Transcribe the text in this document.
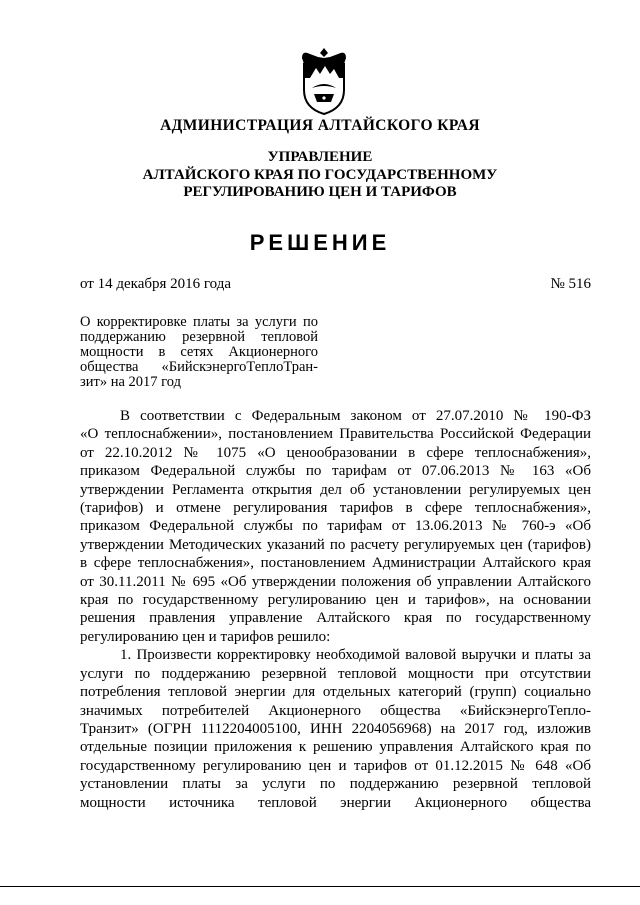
АДМИНИСТРАЦИЯ АЛТАЙСКОГО КРАЯ
УПРАВЛЕНИЕ
АЛТАЙСКОГО КРАЯ ПО ГОСУДАРСТВЕННОМУ
РЕГУЛИРОВАНИЮ ЦЕН И ТАРИФОВ
РЕШЕНИЕ
от 14 декабря 2016 года	№ 516
О корректировке платы за услуги по
поддержанию резервной тепловой
мощности в сетях Акционерного
общества «БийскэнергоТеплоТран-
зит» на 2017 год
В соответствии с Федеральным законом от 27.07.2010 № 190-ФЗ
«О теплоснабжении», постановлением Правительства Российской Федерации
от 22.10.2012 № 1075 «О ценообразовании в сфере теплоснабжения»,
приказом Федеральной службы по тарифам от 07.06.2013 № 163 «Об
утверждении Регламента открытия дел об установлении регулируемых цен
(тарифов) и отмене регулирования тарифов в сфере теплоснабжения»,
приказом Федеральной службы по тарифам от 13.06.2013 № 760-э «Об
утверждении Методических указаний по расчету регулируемых цен (тарифов)
в сфере теплоснабжения», постановлением Администрации Алтайского края
от 30.11.2011 № 695 «Об утверждении положения об управлении Алтайского
края по государственному регулированию цен и тарифов», на основании
решения правления управление Алтайского края по государственному
регулированию цен и тарифов решило:
1. Произвести корректировку необходимой валовой выручки и платы за
услуги по поддержанию резервной тепловой мощности при отсутствии
потребления тепловой энергии для отдельных категорий (групп) социально
значимых потребителей Акционерного общества «БийскэнергоТепло-
Транзит» (ОГРН 1112204005100, ИНН 2204056968) на 2017 год, изложив
отдельные позиции приложения к решению управления Алтайского края по
государственному регулированию цен и тарифов от 01.12.2015 № 648 «Об
установлении платы за услуги по поддержанию резервной тепловой
мощности источника тепловой энергии Акционерного общества
